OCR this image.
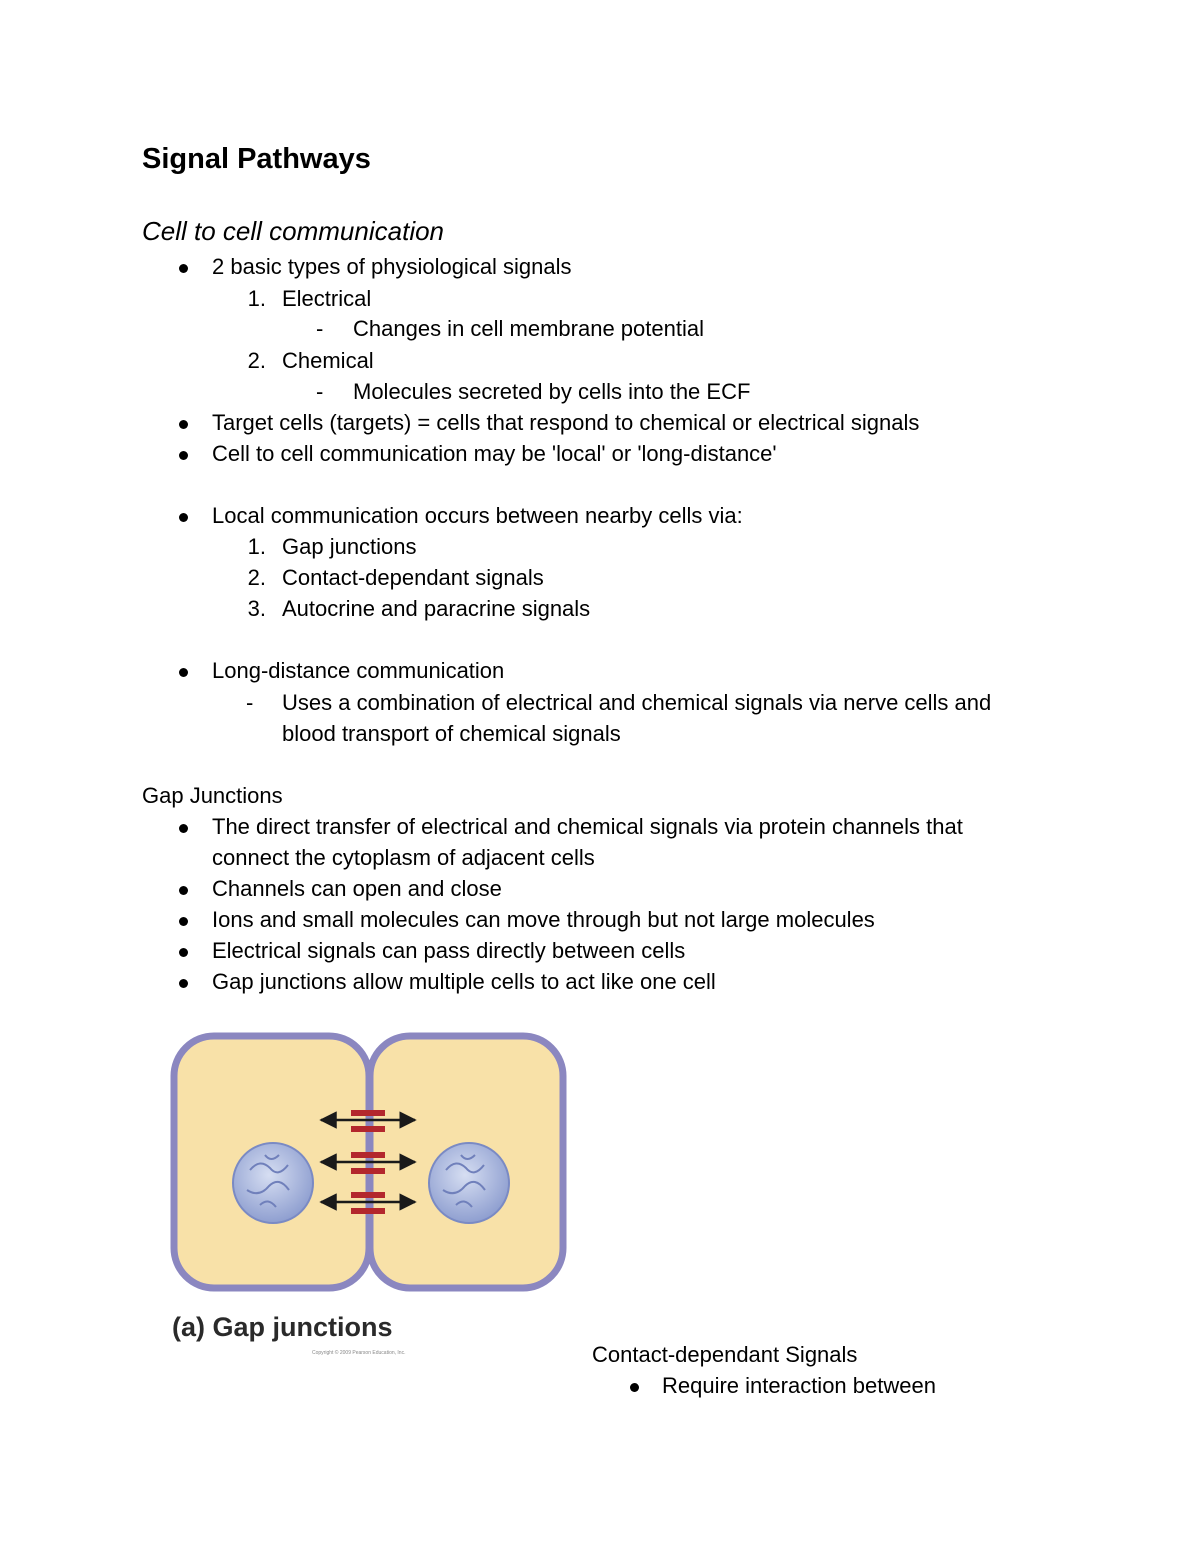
Signal Pathways
Cell to cell communication
2 basic types of physiological signals
1. Electrical
- Changes in cell membrane potential
2. Chemical
- Molecules secreted by cells into the ECF
Target cells (targets) = cells that respond to chemical or electrical signals
Cell to cell communication may be 'local' or 'long-distance'
Local communication occurs between nearby cells via:
1. Gap junctions
2. Contact-dependant signals
3. Autocrine and paracrine signals
Long-distance communication
- Uses a combination of electrical and chemical signals via nerve cells and
blood transport of chemical signals
Gap Junctions
The direct transfer of electrical and chemical signals via protein channels that
connect the cytoplasm of adjacent cells
Channels can open and close
Ions and small molecules can move through but not large molecules
Electrical signals can pass directly between cells
Gap junctions allow multiple cells to act like one cell
(a) Gap junctions
Copyright © 2009 Pearson Education, Inc.	Contact-dependant Signals
Require interaction between
